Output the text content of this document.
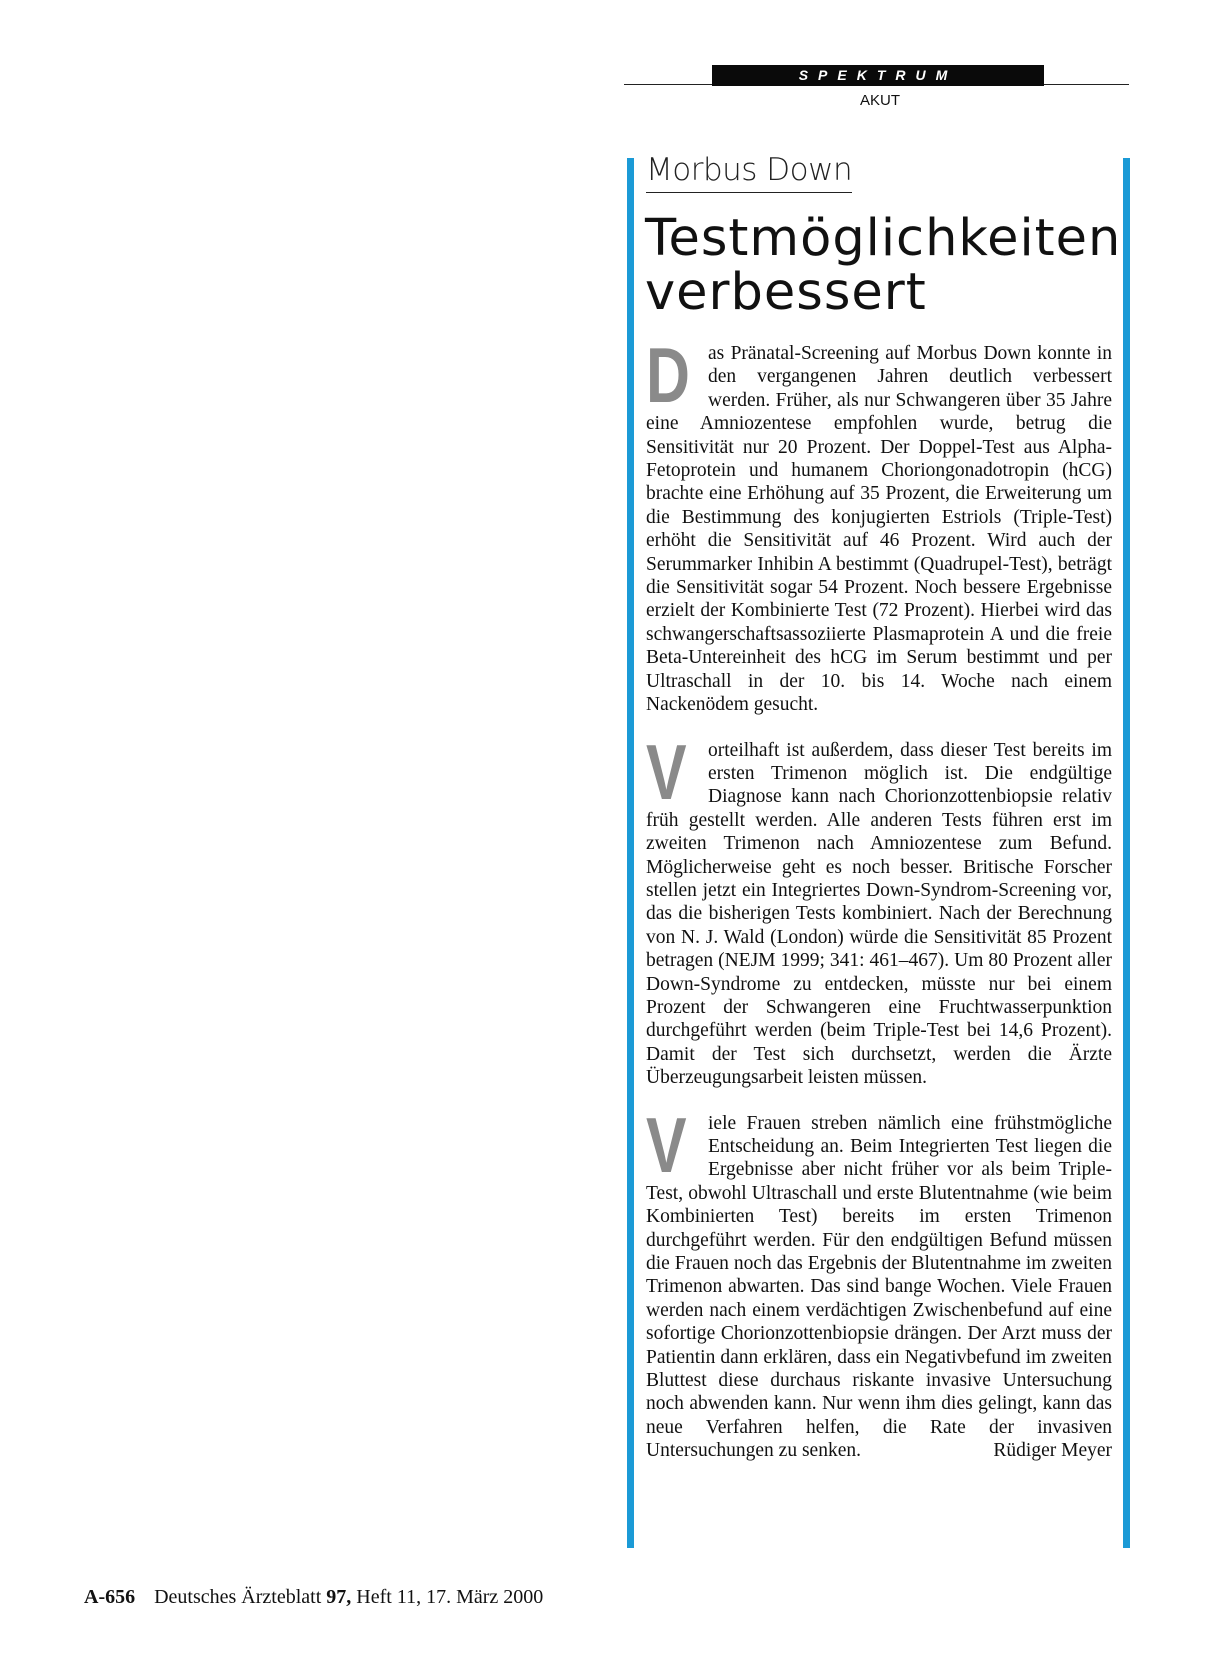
SPEKTRUM
AKUT
Morbus Down
Testmöglichkeiten verbessert

Das Pränatal-Screening auf Morbus Down konnte in den vergangenen Jahren deutlich verbessert werden. Früher, als nur Schwangeren über 35 Jahre eine Amniozentese empfohlen wurde, betrug die Sensitivität nur 20 Prozent. Der Doppel-Test aus Alpha-Fetoprotein und humanem Choriongonadotropin (hCG) brachte eine Erhöhung auf 35 Prozent, die Erweiterung um die Bestimmung des konjugierten Estriols (Triple-Test) erhöht die Sensitivität auf 46 Prozent. Wird auch der Serummarker Inhibin A bestimmt (Quadrupel-Test), beträgt die Sensitivität sogar 54 Prozent. Noch bessere Ergebnisse erzielt der Kombinierte Test (72 Prozent). Hierbei wird das schwangerschaftsassoziierte Plasmaprotein A und die freie Beta-Untereinheit des hCG im Serum bestimmt und per Ultraschall in der 10. bis 14. Woche nach einem Nackenödem gesucht.

V orteilhaft ist außerdem, dass dieser Test bereits im ersten Trimenon möglich ist. Die endgültige Diagnose kann nach Chorionzottenbiopsie relativ früh gestellt werden. Alle anderen Tests führen erst im zweiten Trimenon nach Amniozentese zum Befund. Möglicherweise geht es noch besser. Britische Forscher stellen jetzt ein Integriertes Down-Syndrom-Screening vor, das die bisherigen Tests kombiniert. Nach der Berechnung von N. J. Wald (London) würde die Sensitivität 85 Prozent betragen (NEJM 1999; 341: 461–467). Um 80 Prozent aller Down-Syndrome zu entdecken, müsste nur bei einem Prozent der Schwangeren eine Fruchtwasserpunktion durchgeführt werden (beim Triple-Test bei 14,6 Prozent). Damit der Test sich durchsetzt, werden die Ärzte Überzeugungsarbeit leisten müssen.

V iele Frauen streben nämlich eine frühstmögliche Entscheidung an. Beim Integrierten Test liegen die Ergebnisse aber nicht früher vor als beim Triple-Test, obwohl Ultraschall und erste Blutentnahme (wie beim Kombinierten Test) bereits im ersten Trimenon durchgeführt werden. Für den endgültigen Befund müssen die Frauen noch das Ergebnis der Blutentnahme im zweiten Trimenon abwarten. Das sind bange Wochen. Viele Frauen werden nach einem verdächtigen Zwischenbefund auf eine sofortige Chorionzottenbiopsie drängen. Der Arzt muss der Patientin dann erklären, dass ein Negativbefund im zweiten Bluttest diese durchaus riskante invasive Untersuchung noch abwenden kann. Nur wenn ihm dies gelingt, kann das neue Verfahren helfen, die Rate der invasiven Untersuchungen zu senken.	Rüdiger Meyer

A-656 Deutsches Ärzteblatt 97, Heft 11, 17. März 2000
